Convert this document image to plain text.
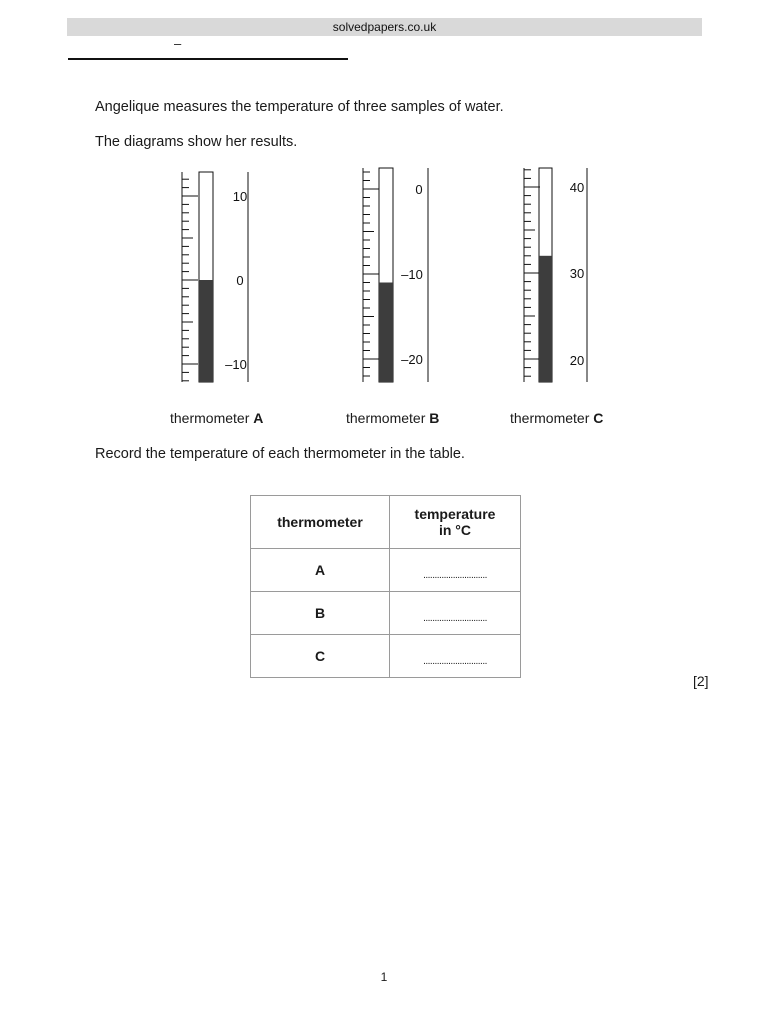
solvedpapers.co.uk
–
Angelique measures the temperature of three samples of water.
The diagrams show her results.
10
0
–10
0
–10
–20
40
30
20
thermometer A	thermometer B	thermometer C
Record the temperature of each thermometer in the table.
thermometer	temperature
in °C
A	............................
B	............................
C	............................
[2]
1
